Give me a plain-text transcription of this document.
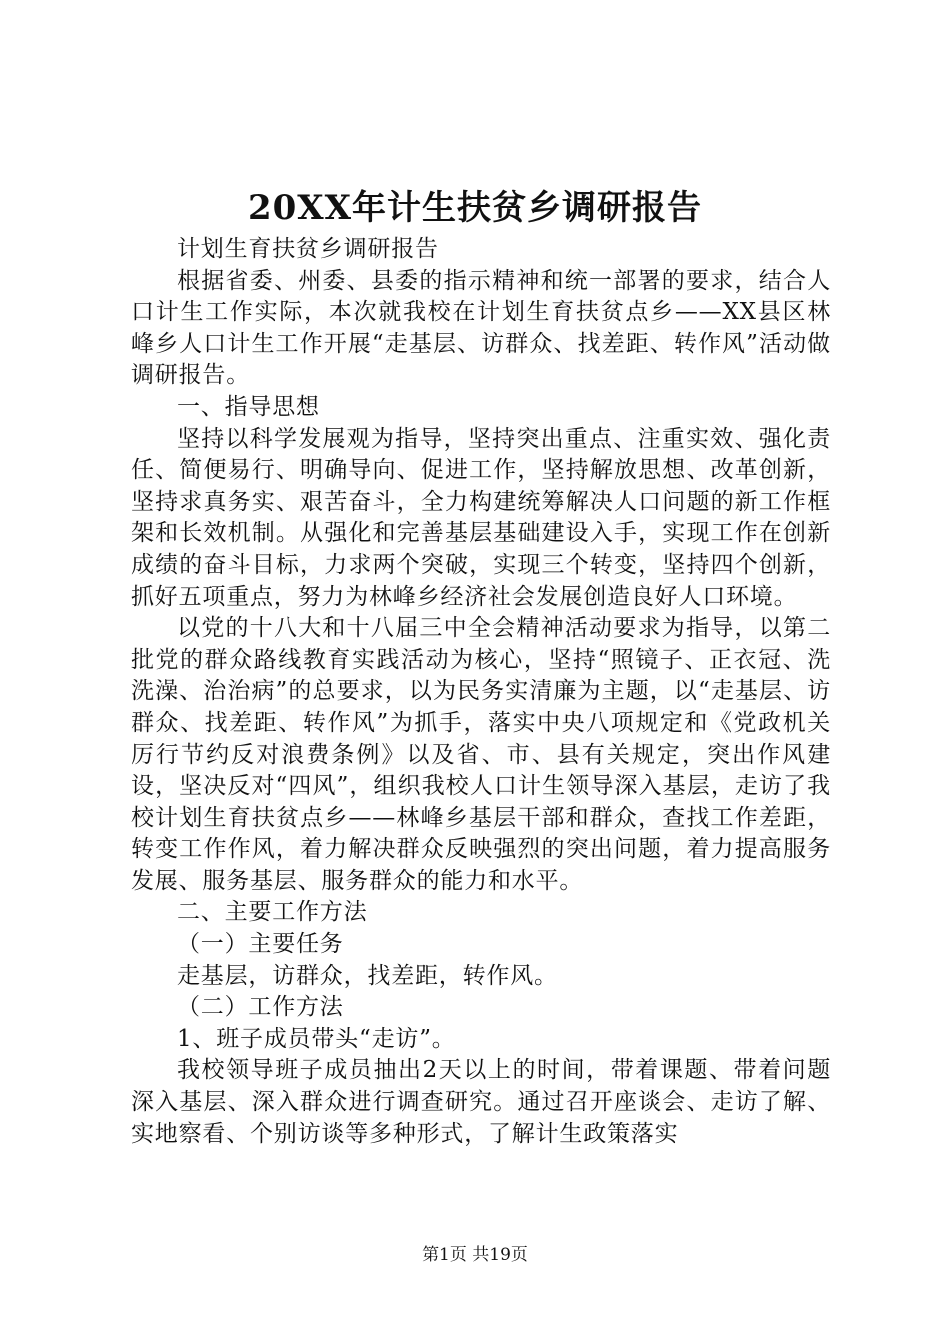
20XX年计生扶贫乡调研报告

计划生育扶贫乡调研报告

根据省委、州委、县委的指示精神和统一部署的要求，结合人口计生工作实际，本次就我校在计划生育扶贫点乡——XX县区林峰乡人口计生工作开展“走基层、访群众、找差距、转作风”活动做调研报告。

一、指导思想

坚持以科学发展观为指导，坚持突出重点、注重实效、强化责任、简便易行、明确导向、促进工作，坚持解放思想、改革创新，坚持求真务实、艰苦奋斗，全力构建统筹解决人口问题的新工作框架和长效机制。从强化和完善基层基础建设入手，实现工作在创新成绩的奋斗目标，力求两个突破，实现三个转变，坚持四个创新，抓好五项重点，努力为林峰乡经济社会发展创造良好人口环境。

以党的十八大和十八届三中全会精神活动要求为指导，以第二批党的群众路线教育实践活动为核心，坚持“照镜子、正衣冠、洗洗澡、治治病”的总要求，以为民务实清廉为主题，以“走基层、访群众、找差距、转作风”为抓手，落实中央八项规定和《党政机关厉行节约反对浪费条例》以及省、市、县有关规定，突出作风建设，坚决反对“四风”，组织我校人口计生领导深入基层，走访了我校计划生育扶贫点乡——林峰乡基层干部和群众，查找工作差距，转变工作作风，着力解决群众反映强烈的突出问题，着力提高服务发展、服务基层、服务群众的能力和水平。

二、主要工作方法

（一）主要任务

走基层，访群众，找差距，转作风。

（二）工作方法

1、班子成员带头“走访”。

我校领导班子成员抽出2天以上的时间，带着课题、带着问题深入基层、深入群众进行调查研究。通过召开座谈会、走访了解、实地察看、个别访谈等多种形式，了解计生政策落实

第1页 共19页
